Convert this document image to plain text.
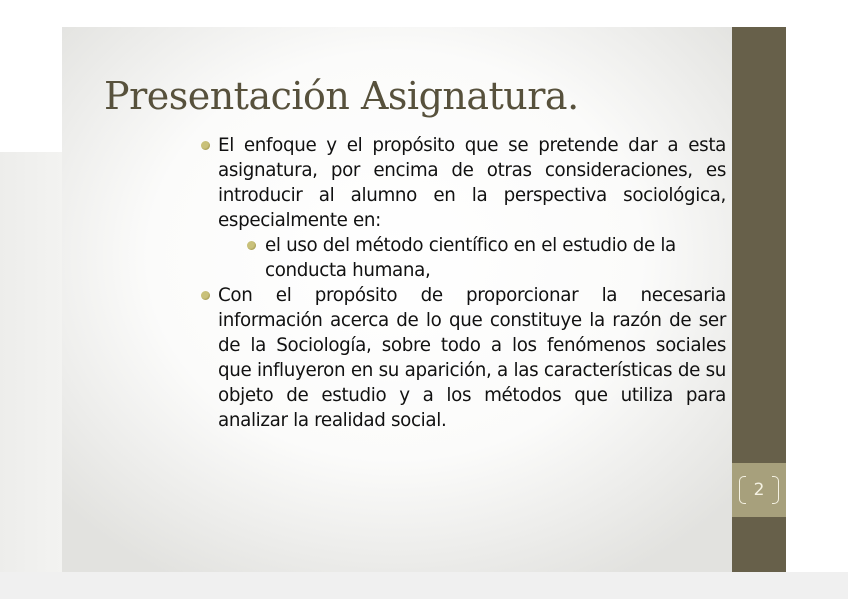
Presentación Asignatura.
El enfoque y el propósito que se pretende dar a esta asignatura, por encima de otras consideraciones, es introducir al alumno en la perspectiva sociológica, especialmente en:
el uso del método científico en el estudio de la conducta humana,
Con el propósito de proporcionar la necesaria información acerca de lo que constituye la razón de ser de la Sociología, sobre todo a los fenómenos sociales que influyeron en su aparición, a las características de su objeto de estudio y a los métodos que utiliza para analizar la realidad social.
2
